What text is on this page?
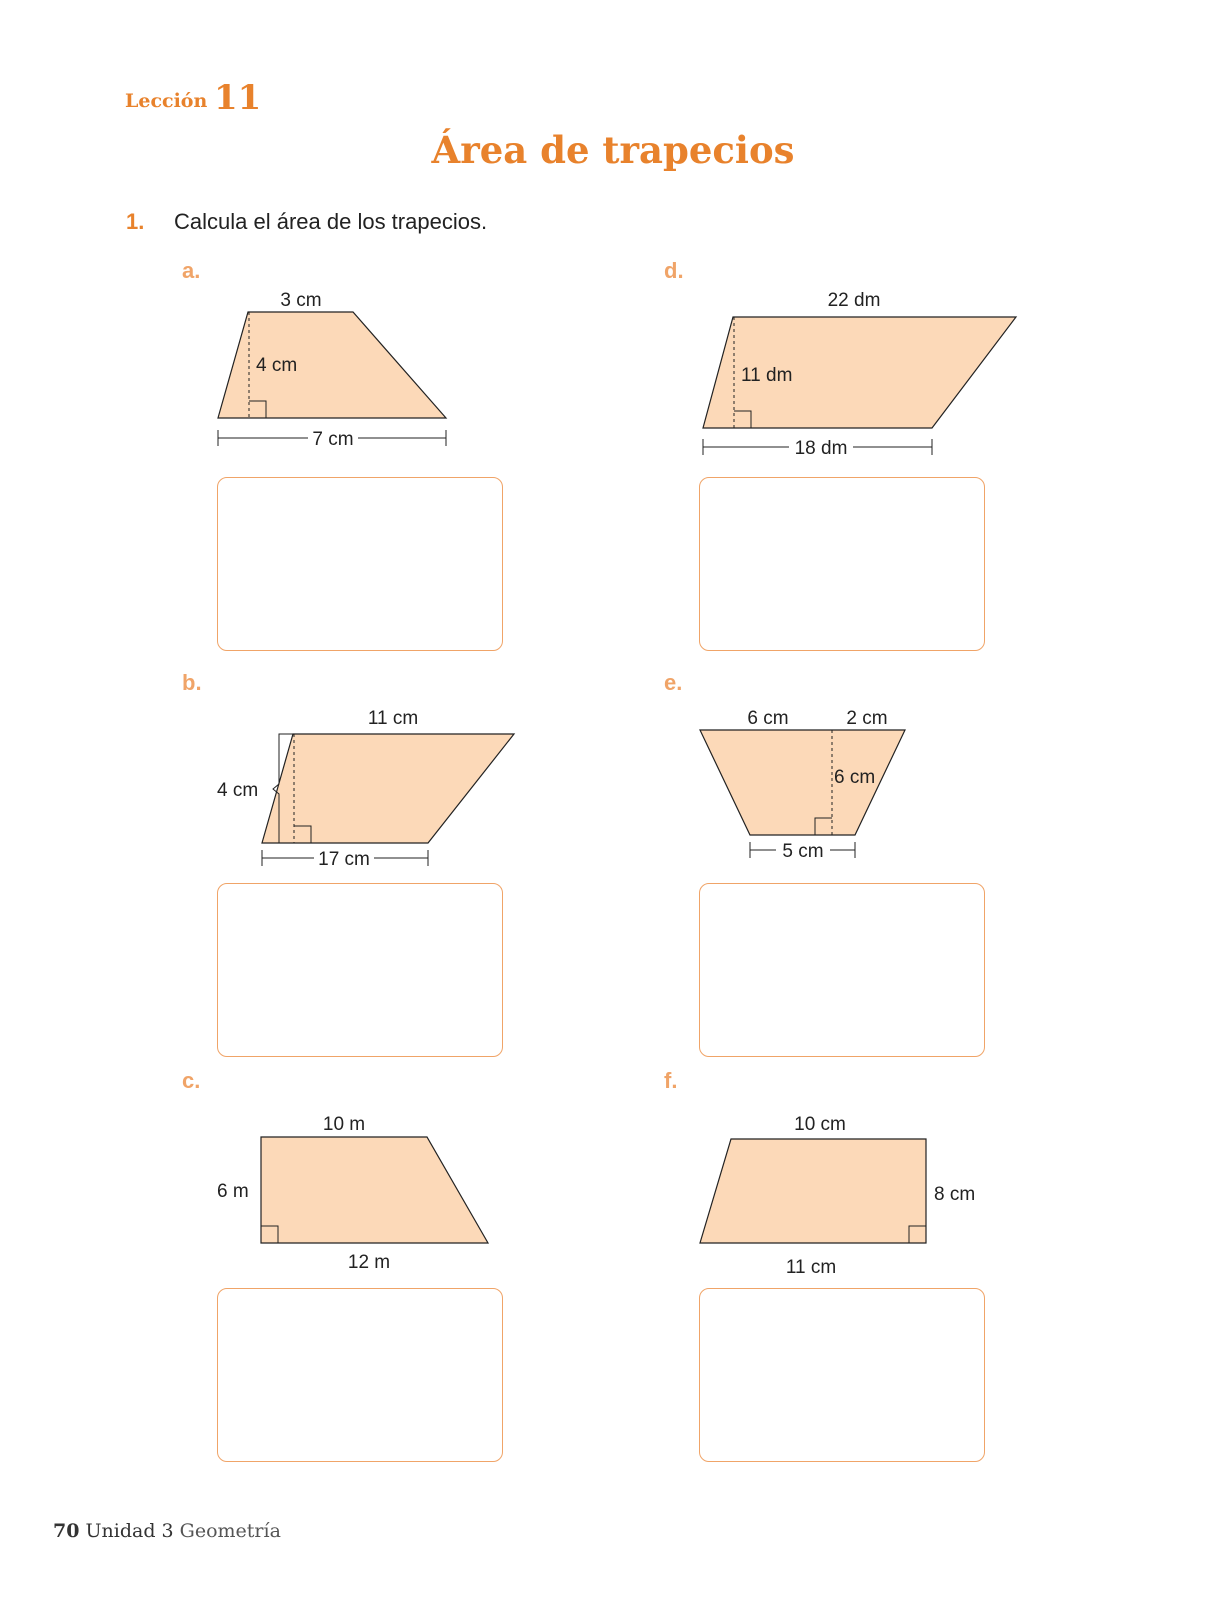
Lección 11
Área de trapecios
1. Calcula el área de los trapecios.
a.
b.
c.
d.
e.
f.
3 cm
4 cm
7 cm
11 cm
4 cm
17 cm
10 m
6 m
12 m
22 dm
11 dm
18 dm
6 cm	2 cm
6 cm
5 cm
10 cm
8 cm
11 cm
70 Unidad 3 Geometría
